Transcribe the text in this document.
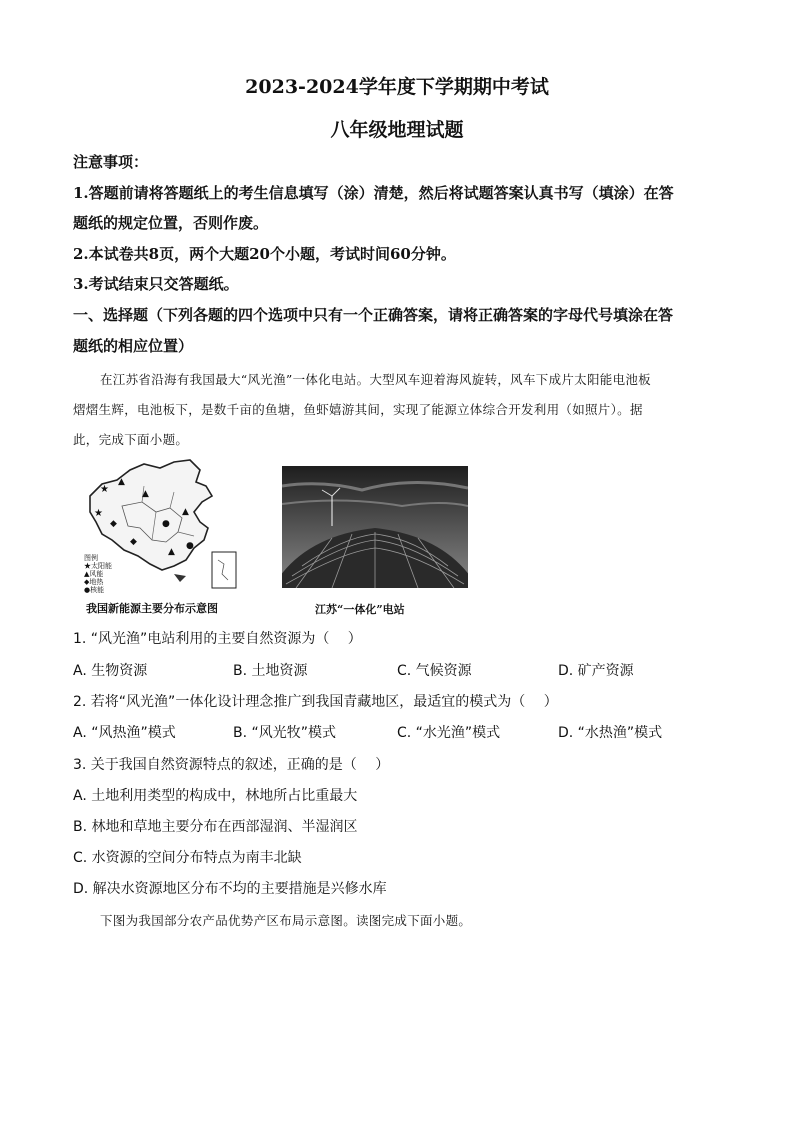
2023-2024学年度下学期期中考试
八年级地理试题
注意事项：
1.答题前请将答题纸上的考生信息填写（涂）清楚，然后将试题答案认真书写（填涂）在答
题纸的规定位置，否则作废。
2.本试卷共8页，两个大题20个小题，考试时间60分钟。
3.考试结束只交答题纸。
一、选择题（下列各题的四个选项中只有一个正确答案，请将正确答案的字母代号填涂在答
题纸的相应位置）
在江苏省沿海有我国最大“风光渔”一体化电站。大型风车迎着海风旋转，风车下成片太阳能电池板
熠熠生辉，电池板下，是数千亩的鱼塘，鱼虾嬉游其间，实现了能源立体综合开发利用（如照片）。据
此，完成下面小题。
★
▲
★
◆
▲
●
▲
●
◆
▲
图例
★太阳能
▲风能
◆地热
●核能
我国新能源主要分布示意图	江苏“一体化”电站
1. “风光渔”电站利用的主要自然资源为（　 ）
A. 生物资源	B. 土地资源	C. 气候资源	D. 矿产资源
2. 若将“风光渔”一体化设计理念推广到我国青藏地区，最适宜的模式为（　 ）
A. “风热渔”模式	B. “风光牧”模式	C. “水光渔”模式	D. “水热渔”模式
3. 关于我国自然资源特点的叙述，正确的是（　 ）
A. 土地利用类型的构成中，林地所占比重最大
B. 林地和草地主要分布在西部湿润、半湿润区
C. 水资源的空间分布特点为南丰北缺
D. 解决水资源地区分布不均的主要措施是兴修水库
下图为我国部分农产品优势产区布局示意图。读图完成下面小题。
